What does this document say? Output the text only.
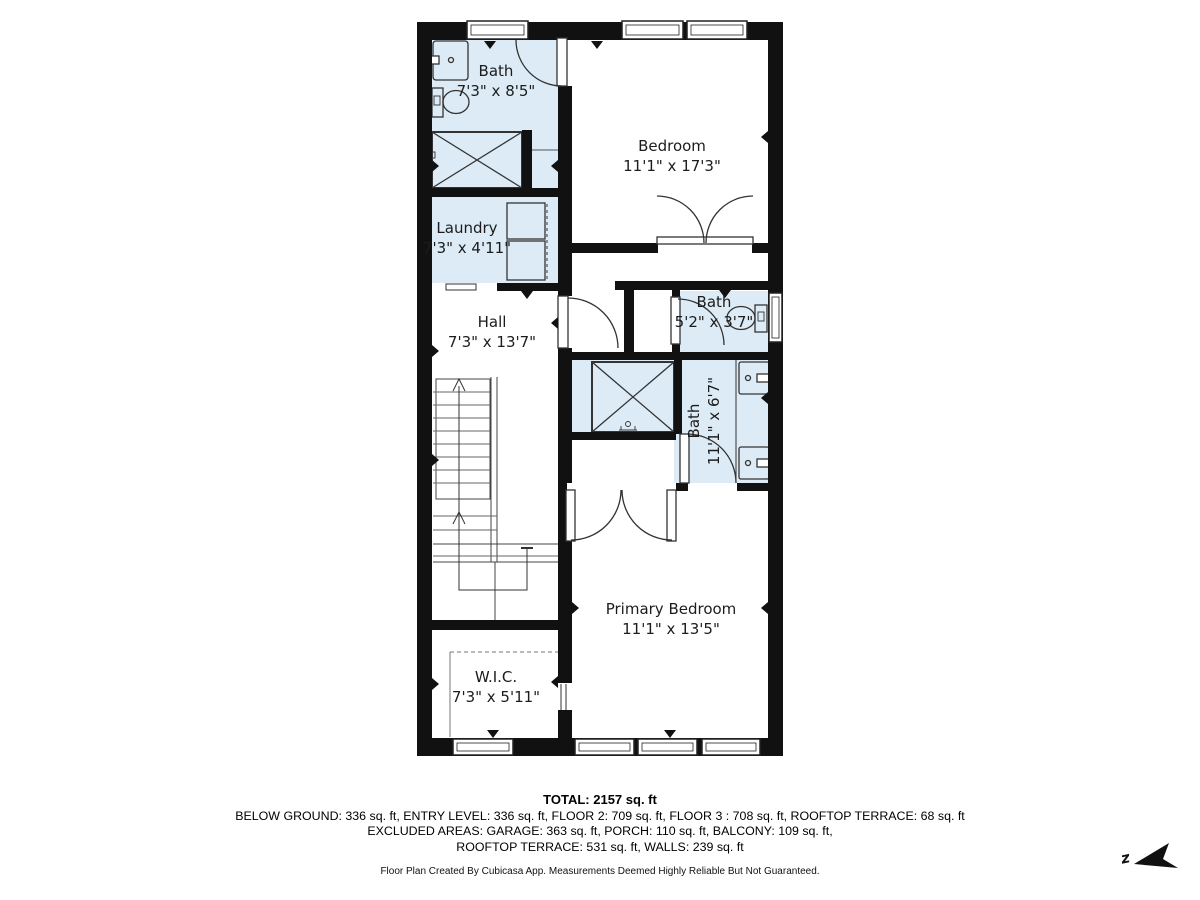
Bath
7'3" x 8'5"
Bedroom
11'1" x 17'3"
Laundry
7'3" x 4'11"
Hall
7'3" x 13'7"
Bath
5'2" x 3'7"
Bath 11'1" x 6'7"
Primary Bedroom
11'1" x 13'5"
W.I.C.
7'3" x 5'11"
TOTAL: 2157 sq. ft
BELOW GROUND: 336 sq. ft, ENTRY LEVEL: 336 sq. ft, FLOOR 2: 709 sq. ft, FLOOR 3 : 708 sq. ft, ROOFTOP TERRACE: 68 sq. ft
EXCLUDED AREAS: GARAGE: 363 sq. ft, PORCH: 110 sq. ft, BALCONY: 109 sq. ft,
ROOFTOP TERRACE: 531 sq. ft, WALLS: 239 sq. ft
Floor Plan Created By Cubicasa App. Measurements Deemed Highly Reliable But Not Guaranteed.
z
